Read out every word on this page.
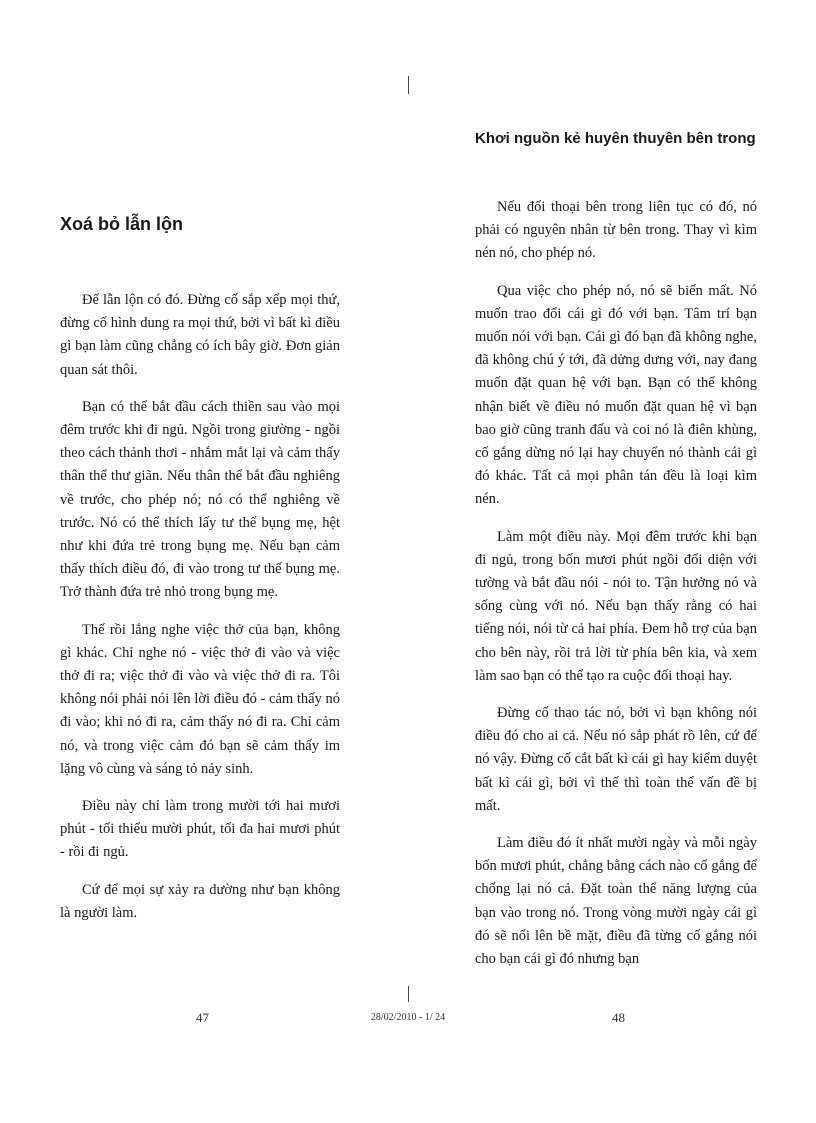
Xoá bỏ lẫn lộn

Để lẫn lộn có đó. Đừng cố sắp xếp mọi thứ, đừng cố hình dung ra mọi thứ, bởi vì bất kì điều gì bạn làm cũng chẳng có ích bây giờ. Đơn giản quan sát thôi.

Bạn có thể bắt đầu cách thiền sau vào mọi đêm trước khi đi ngủ. Ngồi trong giường - ngồi theo cách thảnh thơi - nhắm mắt lại và cảm thấy thân thể thư giãn. Nếu thân thể bắt đầu nghiêng về trước, cho phép nó; nó có thể nghiêng về trước. Nó có thể thích lấy tư thế bụng mẹ, hệt như khi đứa trẻ trong bụng mẹ. Nếu bạn cảm thấy thích điều đó, đi vào trong tư thế bụng mẹ. Trở thành đứa trẻ nhỏ trong bụng mẹ.

Thế rồi lắng nghe việc thở của bạn, không gì khác. Chỉ nghe nó - việc thở đi vào và việc thở đi ra; việc thở đi vào và việc thở đi ra. Tôi không nói phải nói lên lời điều đó - cảm thấy nó đi vào; khi nó đi ra, cảm thấy nó đi ra. Chỉ cảm nó, và trong việc cảm đó bạn sẽ cảm thấy im lặng vô cùng và sáng tỏ nảy sinh.

Điều này chỉ làm trong mười tới hai mươi phút - tối thiểu mười phút, tối đa hai mươi phút - rồi đi ngủ.

Cứ để mọi sự xảy ra dường như bạn không là người làm.

Khơi nguồn kẻ huyên thuyên bên trong

Nếu đối thoại bên trong liên tục có đó, nó phải có nguyên nhân từ bên trong. Thay vì kìm nén nó, cho phép nó.

Qua việc cho phép nó, nó sẽ biến mất. Nó muốn trao đổi cái gì đó với bạn. Tâm trí bạn muốn nói với bạn. Cái gì đó bạn đã không nghe, đã không chú ý tới, đã dửng dưng với, nay đang muốn đặt quan hệ với bạn. Bạn có thể không nhận biết về điều nó muốn đặt quan hệ vì bạn bao giờ cũng tranh đấu và coi nó là điên khùng, cố gắng dừng nó lại hay chuyển nó thành cái gì đó khác. Tất cả mọi phân tán đều là loại kìm nén.

Làm một điều này. Mọi đêm trước khi bạn đi ngủ, trong bốn mươi phút ngồi đối diện với tường và bắt đầu nói - nói to. Tận hưởng nó và sống cùng với nó. Nếu bạn thấy rằng có hai tiếng nói, nói từ cả hai phía. Đem hỗ trợ của bạn cho bên này, rồi trả lời từ phía bên kia, và xem làm sao bạn có thể tạo ra cuộc đối thoại hay.

Đừng cố thao tác nó, bởi vì bạn không nói điều đó cho ai cả. Nếu nó sắp phát rồ lên, cứ để nó vậy. Đừng cố cắt bất kì cái gì hay kiểm duyệt bất kì cái gì, bởi vì thế thì toàn thể vấn đề bị mất.

Làm điều đó ít nhất mười ngày và mỗi ngày bốn mươi phút, chẳng bằng cách nào cố gắng để chống lại nó cả. Đặt toàn thể năng lượng của bạn vào trong nó. Trong vòng mười ngày cái gì đó sẽ nổi lên bề mặt, điều đã từng cố gắng nói cho bạn cái gì đó nhưng bạn

47	28/02/2010 - 1/ 24	48
